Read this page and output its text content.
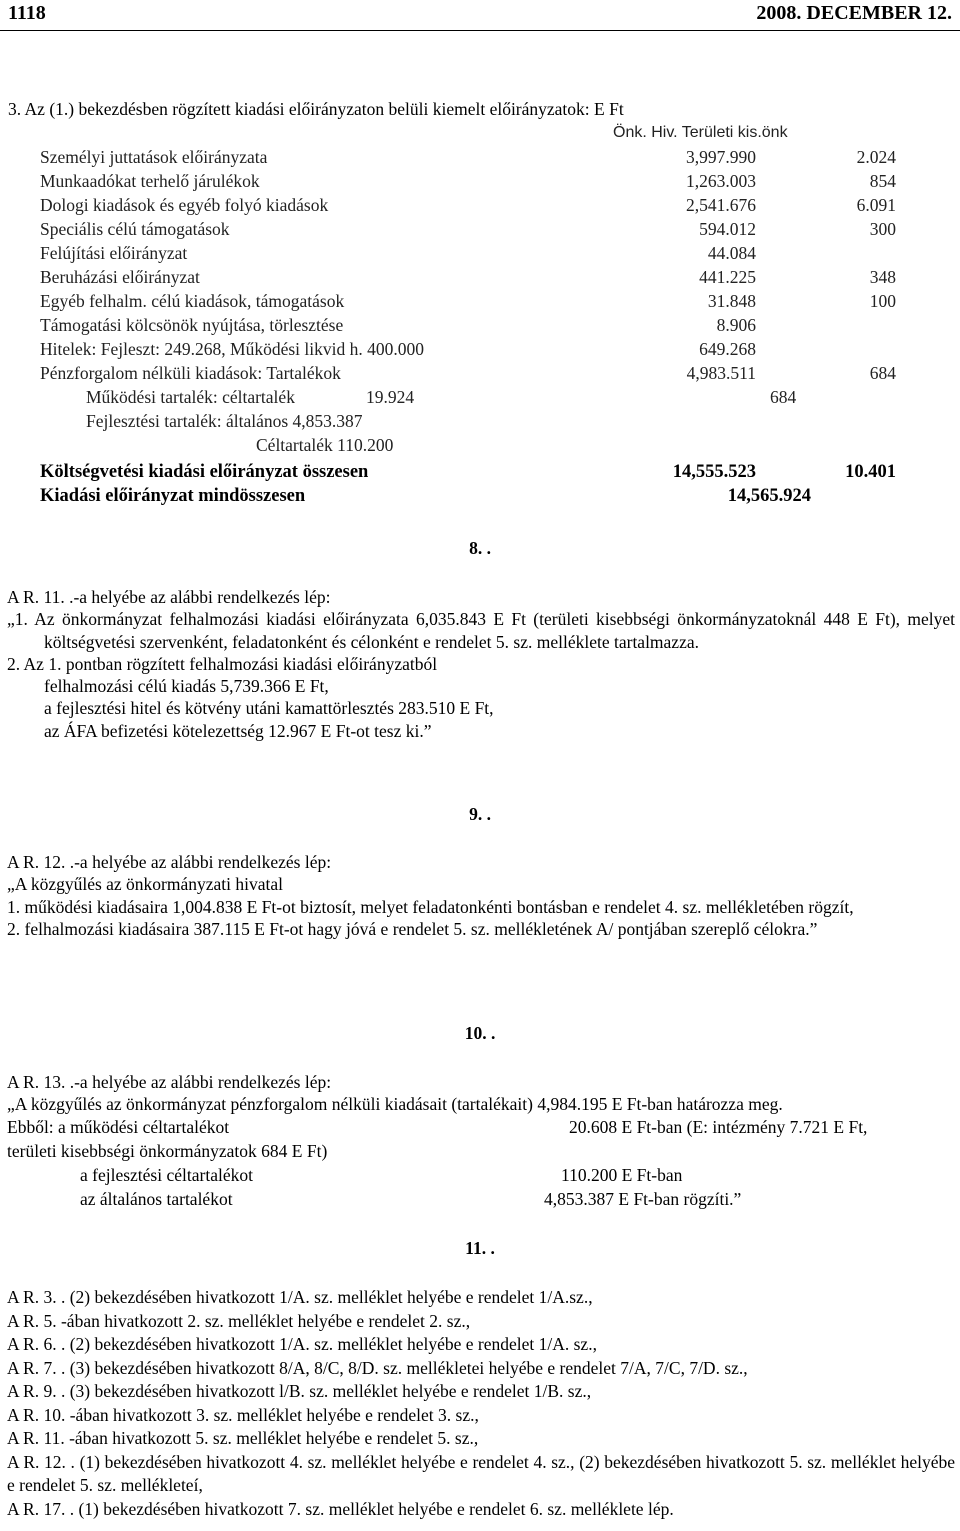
1118	2008. DECEMBER 12.
3. Az (1.) bekezdésben rögzített kiadási előirányzaton belüli kiemelt előirányzatok: E Ft
Önk. Hiv. Területi kis.önk
Személyi juttatások előirányzata	3,997.990	2.024
Munkaadókat terhelő járulékok	1,263.003	854
Dologi kiadások és egyéb folyó kiadások	2,541.676	6.091
Speciális célú támogatások	594.012	300
Felújítási előirányzat	44.084
Beruházási előirányzat	441.225	348
Egyéb felhalm. célú kiadások, támogatások	31.848	100
Támogatási kölcsönök nyújtása, törlesztése	8.906
Hitelek: Fejleszt: 249.268, Működési likvid h. 400.000	649.268
Pénzforgalom nélküli kiadások: Tartalékok	4,983.511	684
Működési tartalék: céltartalék	19.924	684
Fejlesztési tartalék: általános 4,853.387
Céltartalék 110.200
Költségvetési kiadási előirányzat összesen	14,555.523	10.401
Kiadási előirányzat mindösszesen	14,565.924
8. .

A R. 11. .-a helyébe az alábbi rendelkezés lép:

„1. Az önkormányzat felhalmozási kiadási előirányzata 6,035.843 E Ft (területi kisebbségi önkormányzatoknál 448 E Ft), melyet költségvetési szervenként, feladatonként és célonként e rendelet 5. sz. melléklete tartalmazza.

2. Az 1. pontban rögzített felhalmozási kiadási előirányzatból

felhalmozási célú kiadás 5,739.366 E Ft,

a fejlesztési hitel és kötvény utáni kamattörlesztés 283.510 E Ft,

az ÁFA befizetési kötelezettség 12.967 E Ft-ot tesz ki.”

9. .

A R. 12. .-a helyébe az alábbi rendelkezés lép:

„A közgyűlés az önkormányzati hivatal

1. működési kiadásaira 1,004.838 E Ft-ot biztosít, melyet feladatonkénti bontásban e rendelet 4. sz. mellékletében rögzít,

2. felhalmozási kiadásaira 387.115 E Ft-ot hagy jóvá e rendelet 5. sz. mellékletének A/ pontjában szereplő célokra.”

10. .

A R. 13. .-a helyébe az alábbi rendelkezés lép:

„A közgyűlés az önkormányzat pénzforgalom nélküli kiadásait (tartalékait) 4,984.195 E Ft-ban határozza meg.

Ebből: a működési céltartalékot	20.608 E Ft-ban (E: intézmény 7.721 E Ft,
területi kisebbségi önkormányzatok 684 E Ft)
a fejlesztési céltartalékot	110.200 E Ft-ban
az általános tartalékot	4,853.387 E Ft-ban rögzíti.”
11. .

A R. 3. . (2) bekezdésében hivatkozott 1/A. sz. melléklet helyébe e rendelet 1/A.sz.,

A R. 5. -ában hivatkozott 2. sz. melléklet helyébe e rendelet 2. sz.,

A R. 6. . (2) bekezdésében hivatkozott 1/A. sz. melléklet helyébe e rendelet 1/A. sz.,

A R. 7. . (3) bekezdésében hivatkozott 8/A, 8/C, 8/D. sz. mellékletei helyébe e rendelet 7/A, 7/C, 7/D. sz.,

A R. 9. . (3) bekezdésében hivatkozott l/B. sz. melléklet helyébe e rendelet 1/B. sz.,

A R. 10. -ában hivatkozott 3. sz. melléklet helyébe e rendelet 3. sz.,

A R. 11. -ában hivatkozott 5. sz. melléklet helyébe e rendelet 5. sz.,

A R. 12. . (1) bekezdésében hivatkozott 4. sz. melléklet helyébe e rendelet 4. sz., (2) bekezdésében hivatkozott 5. sz. melléklet helyébe e rendelet 5. sz. mellékleteí,

A R. 17. . (1) bekezdésében hivatkozott 7. sz. melléklet helyébe e rendelet 6. sz. melléklete lép.
